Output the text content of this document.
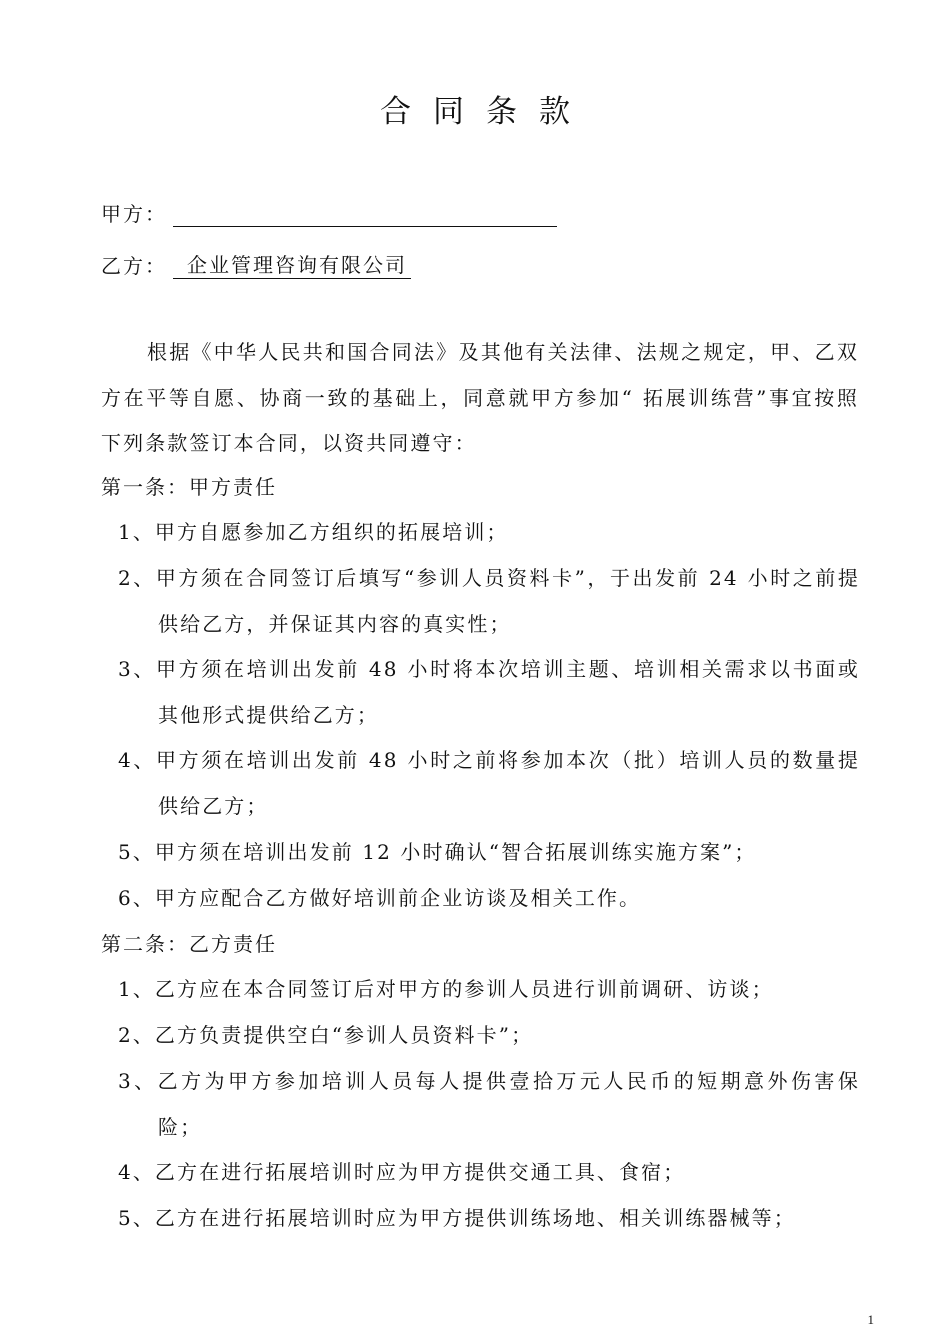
合同条款
甲方：
乙方： 企业管理咨询有限公司
根据《中华人民共和国合同法》及其他有关法律、法规之规定，甲、乙双方在平等自愿、协商一致的基础上，同意就甲方参加“ 拓展训练营”事宜按照下列条款签订本合同，以资共同遵守：
第一条：甲方责任
1、甲方自愿参加乙方组织的拓展培训；
2、甲方须在合同签订后填写“参训人员资料卡”，于出发前 24 小时之前提供给乙方，并保证其内容的真实性；
3、甲方须在培训出发前 48 小时将本次培训主题、培训相关需求以书面或其他形式提供给乙方；
4、甲方须在培训出发前 48 小时之前将参加本次（批）培训人员的数量提供给乙方；
5、甲方须在培训出发前 12 小时确认“智合拓展训练实施方案”；
6、甲方应配合乙方做好培训前企业访谈及相关工作。
第二条：乙方责任
1、乙方应在本合同签订后对甲方的参训人员进行训前调研、访谈；
2、乙方负责提供空白“参训人员资料卡”；
3、乙方为甲方参加培训人员每人提供壹拾万元人民币的短期意外伤害保险；
4、乙方在进行拓展培训时应为甲方提供交通工具、食宿；
5、乙方在进行拓展培训时应为甲方提供训练场地、相关训练器械等；
1
